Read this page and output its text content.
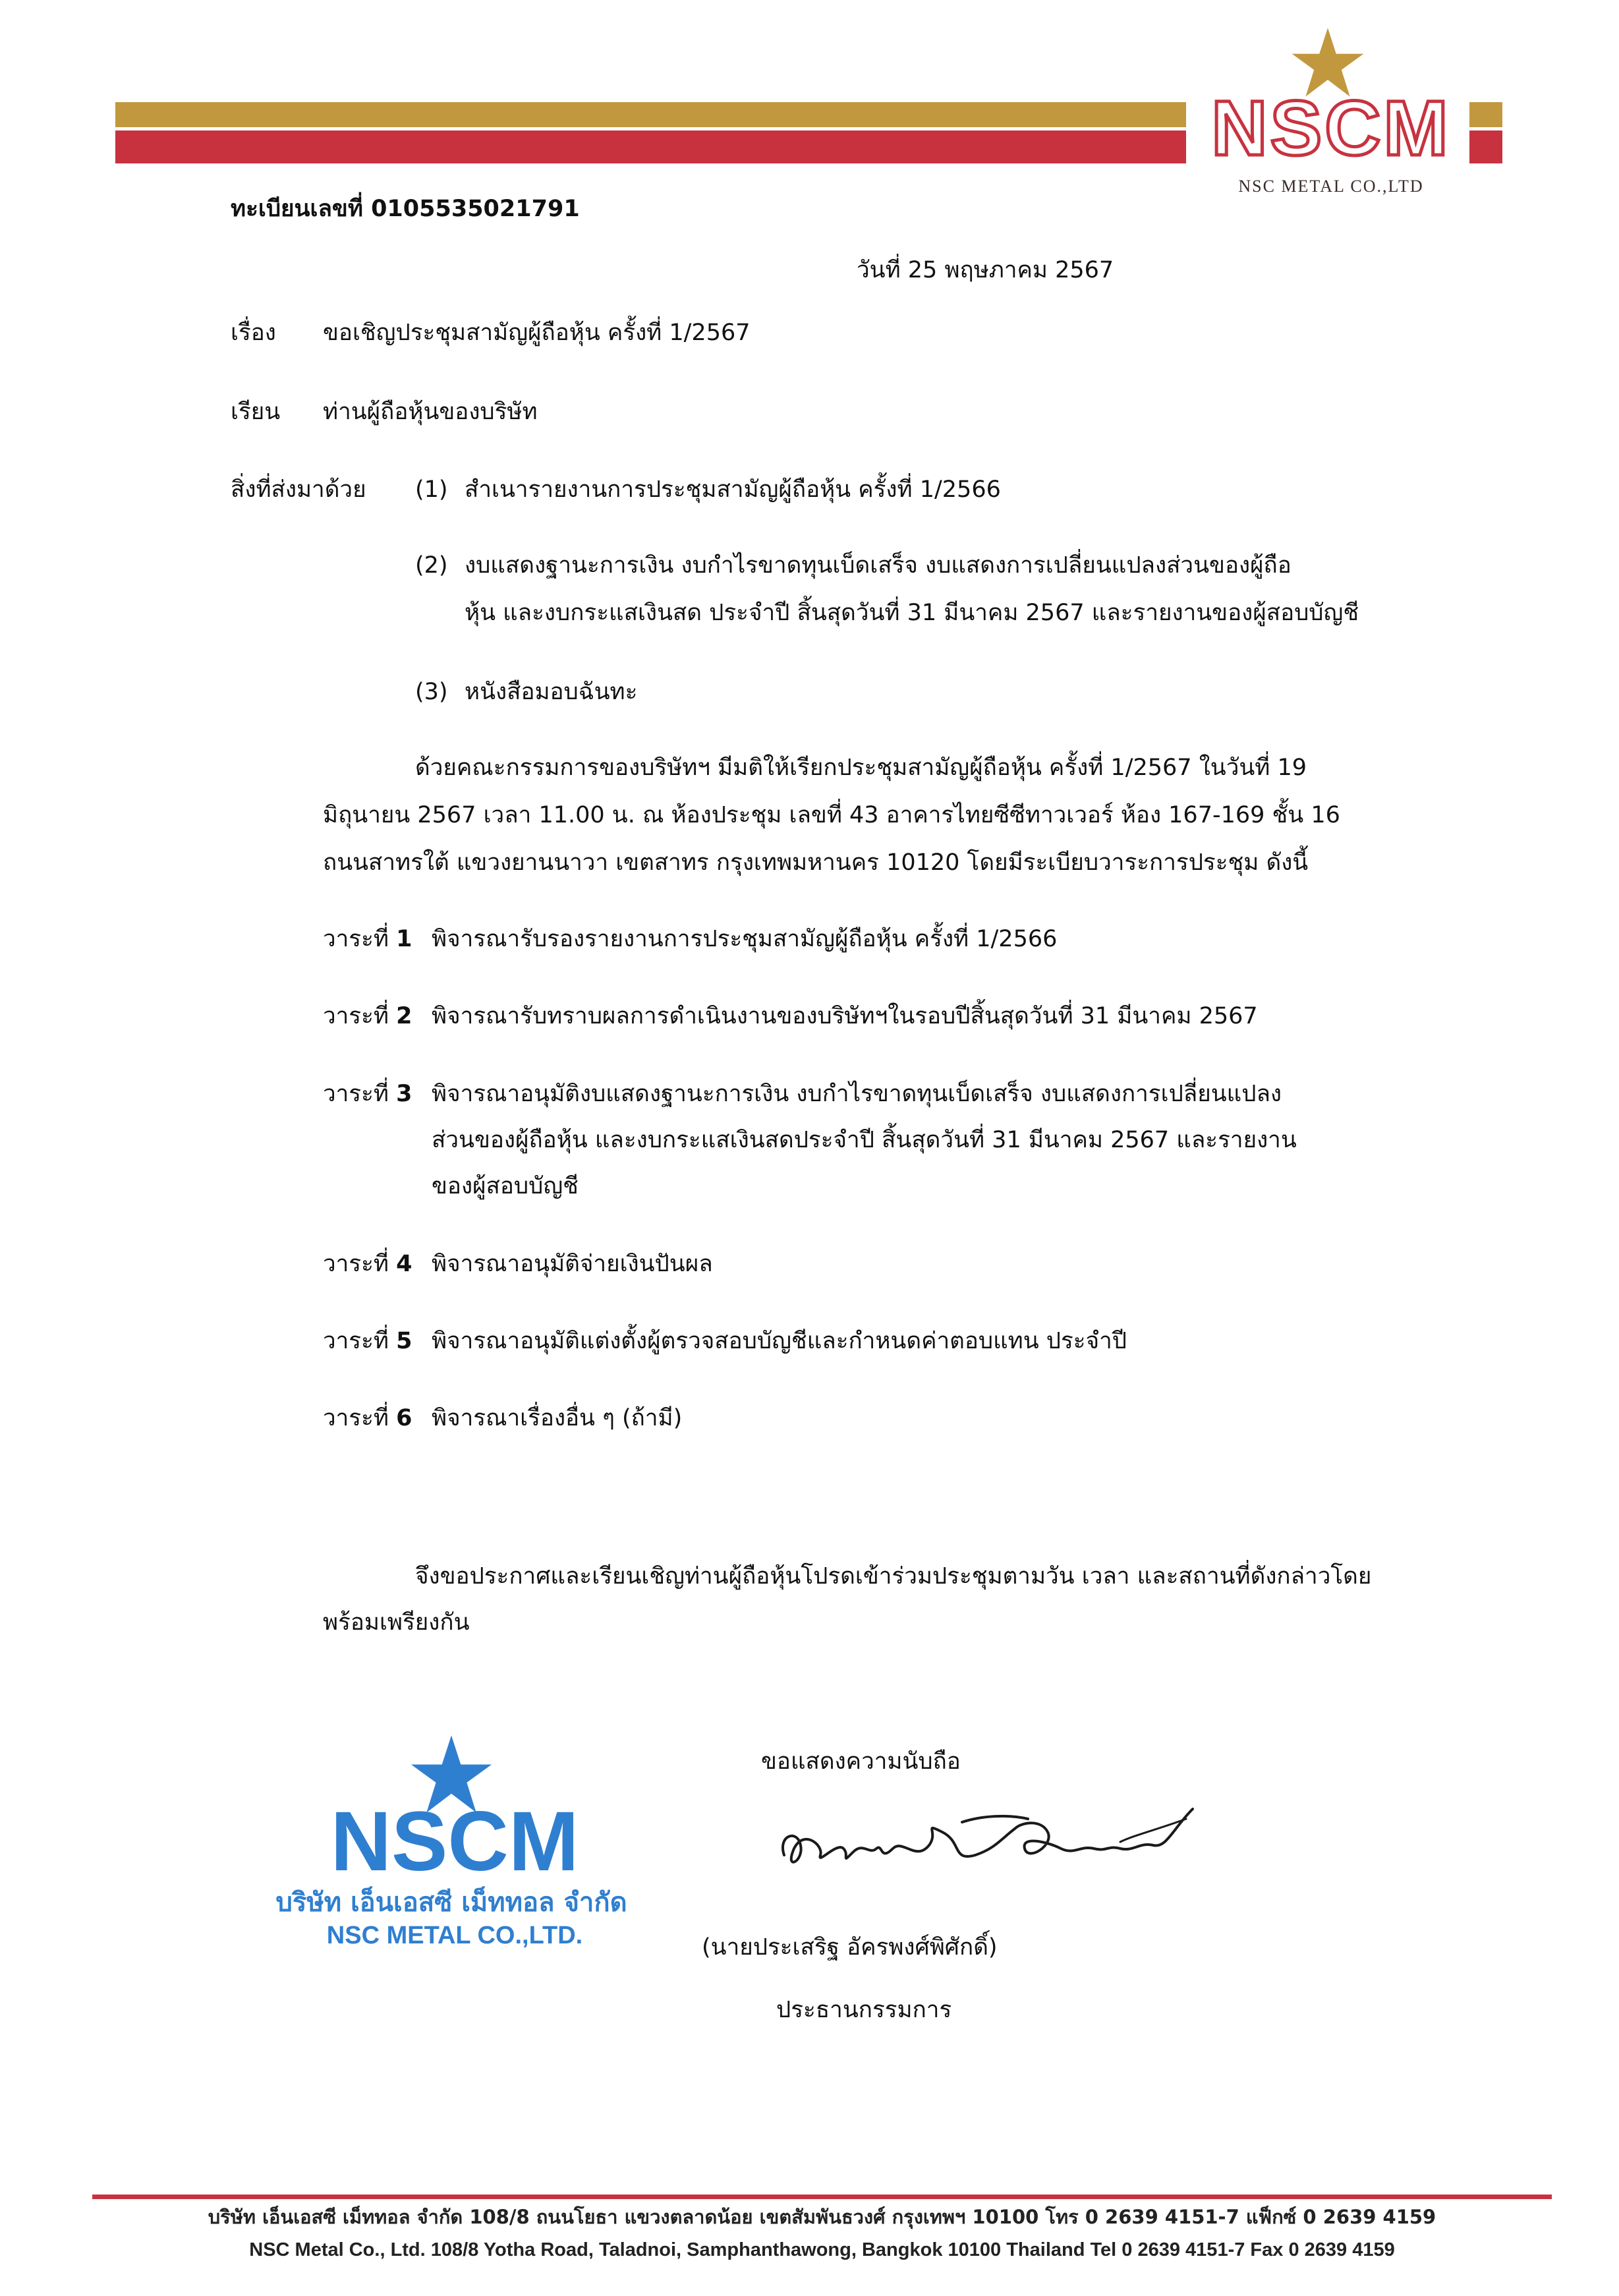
NSCM
NSC METAL CO.,LTD
ทะเบียนเลขที่ 0105535021791
วันที่ 25 พฤษภาคม 2567
เรื่อง ขอเชิญประชุมสามัญผู้ถือหุ้น ครั้งที่ 1/2567
เรียน ท่านผู้ถือหุ้นของบริษัท
สิ่งที่ส่งมาด้วย (1) สำเนารายงานการประชุมสามัญผู้ถือหุ้น ครั้งที่ 1/2566
(2) งบแสดงฐานะการเงิน งบกำไรขาดทุนเบ็ดเสร็จ งบแสดงการเปลี่ยนแปลงส่วนของผู้ถือ
หุ้น และงบกระแสเงินสด ประจำปี สิ้นสุดวันที่ 31 มีนาคม 2567 และรายงานของผู้สอบบัญชี
(3) หนังสือมอบฉันทะ
ด้วยคณะกรรมการของบริษัทฯ มีมติให้เรียกประชุมสามัญผู้ถือหุ้น ครั้งที่ 1/2567 ในวันที่ 19
มิถุนายน 2567 เวลา 11.00 น. ณ ห้องประชุม เลขที่ 43 อาคารไทยซีซีทาวเวอร์ ห้อง 167-169 ชั้น 16
ถนนสาทรใต้ แขวงยานนาวา เขตสาทร กรุงเทพมหานคร 10120 โดยมีระเบียบวาระการประชุม ดังนี้
วาระที่ 1 พิจารณารับรองรายงานการประชุมสามัญผู้ถือหุ้น ครั้งที่ 1/2566
วาระที่ 2 พิจารณารับทราบผลการดำเนินงานของบริษัทฯในรอบปีสิ้นสุดวันที่ 31 มีนาคม 2567
วาระที่ 3 พิจารณาอนุมัติงบแสดงฐานะการเงิน งบกำไรขาดทุนเบ็ดเสร็จ งบแสดงการเปลี่ยนแปลง
ส่วนของผู้ถือหุ้น และงบกระแสเงินสดประจำปี สิ้นสุดวันที่ 31 มีนาคม 2567 และรายงาน
ของผู้สอบบัญชี
วาระที่ 4 พิจารณาอนุมัติจ่ายเงินปันผล
วาระที่ 5 พิจารณาอนุมัติแต่งตั้งผู้ตรวจสอบบัญชีและกำหนดค่าตอบแทน ประจำปี
วาระที่ 6 พิจารณาเรื่องอื่น ๆ (ถ้ามี)
จึงขอประกาศและเรียนเชิญท่านผู้ถือหุ้นโปรดเข้าร่วมประชุมตามวัน เวลา และสถานที่ดังกล่าวโดย
พร้อมเพรียงกัน
NSCM
บริษัท เอ็นเอสซี เม็ททอล จำกัด
NSC METAL CO.,LTD.
ขอแสดงความนับถือ
(นายประเสริฐ อัครพงศ์พิศักดิ์)
ประธานกรรมการ
บริษัท เอ็นเอสซี เม็ททอล จำกัด 108/8 ถนนโยธา แขวงตลาดน้อย เขตสัมพันธวงศ์ กรุงเทพฯ 10100 โทร 0 2639 4151-7 แฟ็กซ์ 0 2639 4159
NSC Metal Co., Ltd. 108/8 Yotha Road, Taladnoi, Samphanthawong, Bangkok 10100 Thailand Tel 0 2639 4151-7 Fax 0 2639 4159
